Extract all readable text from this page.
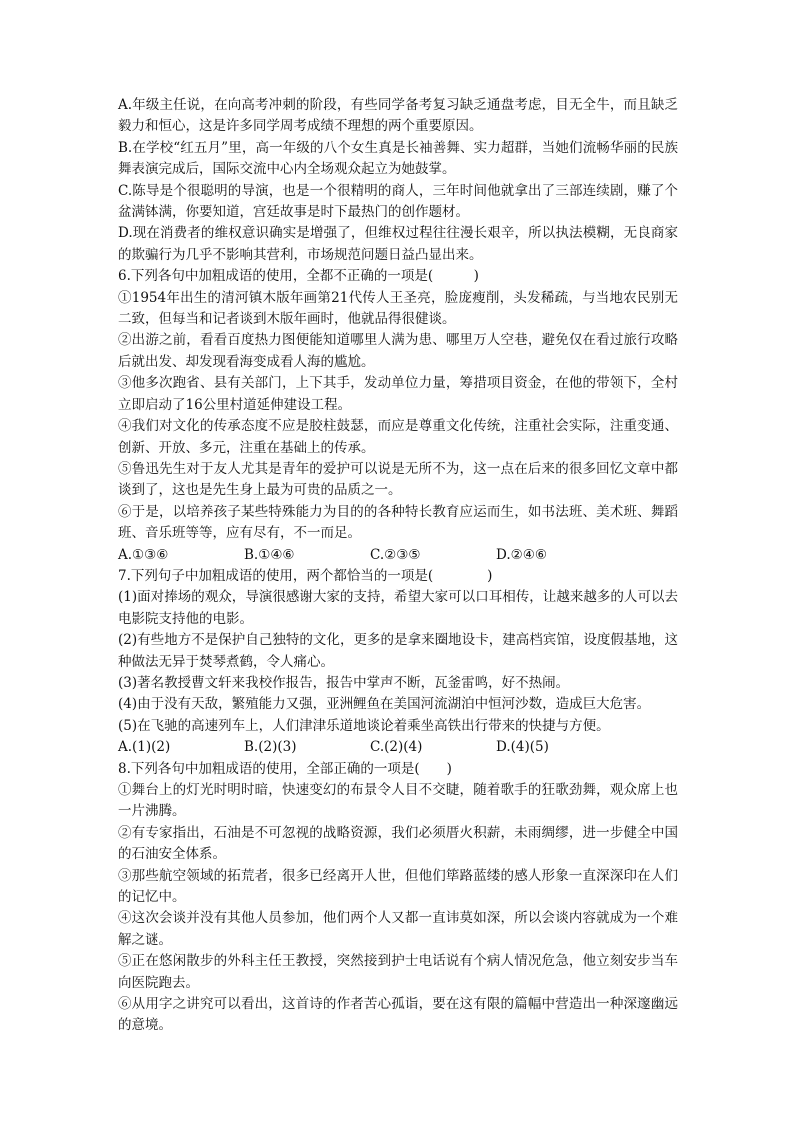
A.年级主任说，在向高考冲刺的阶段，有些同学备考复习缺乏通盘考虑，目无全牛，而且缺乏毅力和恒心，这是许多同学周考成绩不理想的两个重要原因。

B.在学校“红五月”里，高一年级的八个女生真是长袖善舞、实力超群，当她们流畅华丽的民族舞表演完成后，国际交流中心内全场观众起立为她鼓掌。

C.陈导是个很聪明的导演，也是一个很精明的商人，三年时间他就拿出了三部连续剧，赚了个盆满钵满，你要知道，宫廷故事是时下最热门的创作题材。

D.现在消费者的维权意识确实是增强了，但维权过程往往漫长艰辛，所以执法模糊，无良商家的欺骗行为几乎不影响其营利，市场规范问题日益凸显出来。

6.下列各句中加粗成语的使用，全都不正确的一项是(　　　)

①1954年出生的清河镇木版年画第21代传人王圣亮，脸庞瘦削，头发稀疏，与当地农民别无二致，但每当和记者谈到木版年画时，他就品得很健谈。

②出游之前，看看百度热力图便能知道哪里人满为患、哪里万人空巷，避免仅在看过旅行攻略后就出发、却发现看海变成看人海的尴尬。

③他多次跑省、县有关部门，上下其手，发动单位力量，筹措项目资金，在他的带领下，全村立即启动了16公里村道延伸建设工程。

④我们对文化的传承态度不应是胶柱鼓瑟，而应是尊重文化传统，注重社会实际，注重变通、创新、开放、多元，注重在基础上的传承。

⑤鲁迅先生对于友人尤其是青年的爱护可以说是无所不为，这一点在后来的很多回忆文章中都谈到了，这也是先生身上最为可贵的品质之一。

⑥于是，以培养孩子某些特殊能力为目的的各种特长教育应运而生，如书法班、美术班、舞蹈班、音乐班等等，应有尽有，不一而足。

A.①③⑥	B.①④⑥	C.②③⑤	D.②④⑥

7.下列句子中加粗成语的使用，两个都恰当的一项是(　　　　)

(1)面对捧场的观众，导演很感谢大家的支持，希望大家可以口耳相传，让越来越多的人可以去电影院支持他的电影。

(2)有些地方不是保护自己独特的文化，更多的是拿来圈地设卡，建高档宾馆，设度假基地，这种做法无异于焚琴煮鹤，令人痛心。

(3)著名教授曹文轩来我校作报告，报告中掌声不断，瓦釜雷鸣，好不热闹。

(4)由于没有天敌，繁殖能力又强，亚洲鲤鱼在美国河流湖泊中恒河沙数，造成巨大危害。

(5)在飞驰的高速列车上，人们津津乐道地谈论着乘坐高铁出行带来的快捷与方便。

A.(1)(2)	B.(2)(3)	C.(2)(4)	D.(4)(5)

8.下列各句中加粗成语的使用，全部正确的一项是(　　)

①舞台上的灯光时明时暗，快速变幻的布景令人目不交睫，随着歌手的狂歌劲舞，观众席上也一片沸腾。

②有专家指出，石油是不可忽视的战略资源，我们必须厝火积薪，未雨绸缪，进一步健全中国的石油安全体系。

③那些航空领域的拓荒者，很多已经离开人世，但他们筚路蓝缕的感人形象一直深深印在人们的记忆中。

④这次会谈并没有其他人员参加，他们两个人又都一直讳莫如深，所以会谈内容就成为一个难解之谜。

⑤正在悠闲散步的外科主任王教授，突然接到护士电话说有个病人情况危急，他立刻安步当车向医院跑去。

⑥从用字之讲究可以看出，这首诗的作者苦心孤诣，要在这有限的篇幅中营造出一种深邃幽远的意境。
